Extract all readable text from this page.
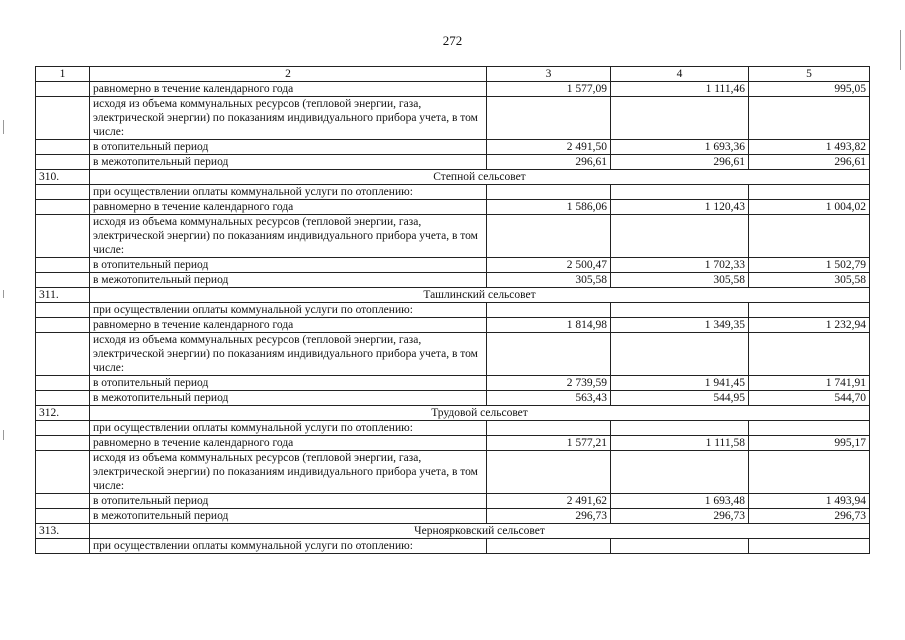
272
1	2	3	4	5
	равномерно в течение календарного года	1 577,09	1 111,46	995,05
	исходя из объема коммунальных ресурсов (тепловой энергии, газа, электрической энергии) по показаниям индивидуального прибора учета, в том числе:			
	в отопительный период	2 491,50	1 693,36	1 493,82
	в межотопительный период	296,61	296,61	296,61
310.	Степной сельсовет			
	при осуществлении оплаты коммунальной услуги по отоплению:			
	равномерно в течение календарного года	1 586,06	1 120,43	1 004,02
	исходя из объема коммунальных ресурсов (тепловой энергии, газа, электрической энергии) по показаниям индивидуального прибора учета, в том числе:			
	в отопительный период	2 500,47	1 702,33	1 502,79
	в межотопительный период	305,58	305,58	305,58
311.	Ташлинский сельсовет			
	при осуществлении оплаты коммунальной услуги по отоплению:			
	равномерно в течение календарного года	1 814,98	1 349,35	1 232,94
	исходя из объема коммунальных ресурсов (тепловой энергии, газа, электрической энергии) по показаниям индивидуального прибора учета, в том числе:			
	в отопительный период	2 739,59	1 941,45	1 741,91
	в межотопительный период	563,43	544,95	544,70
312.	Трудовой сельсовет			
	при осуществлении оплаты коммунальной услуги по отоплению:			
	равномерно в течение календарного года	1 577,21	1 111,58	995,17
	исходя из объема коммунальных ресурсов (тепловой энергии, газа, электрической энергии) по показаниям индивидуального прибора учета, в том числе:			
	в отопительный период	2 491,62	1 693,48	1 493,94
	в межотопительный период	296,73	296,73	296,73
313.	Черноярковский сельсовет			
	при осуществлении оплаты коммунальной услуги по отоплению:			
